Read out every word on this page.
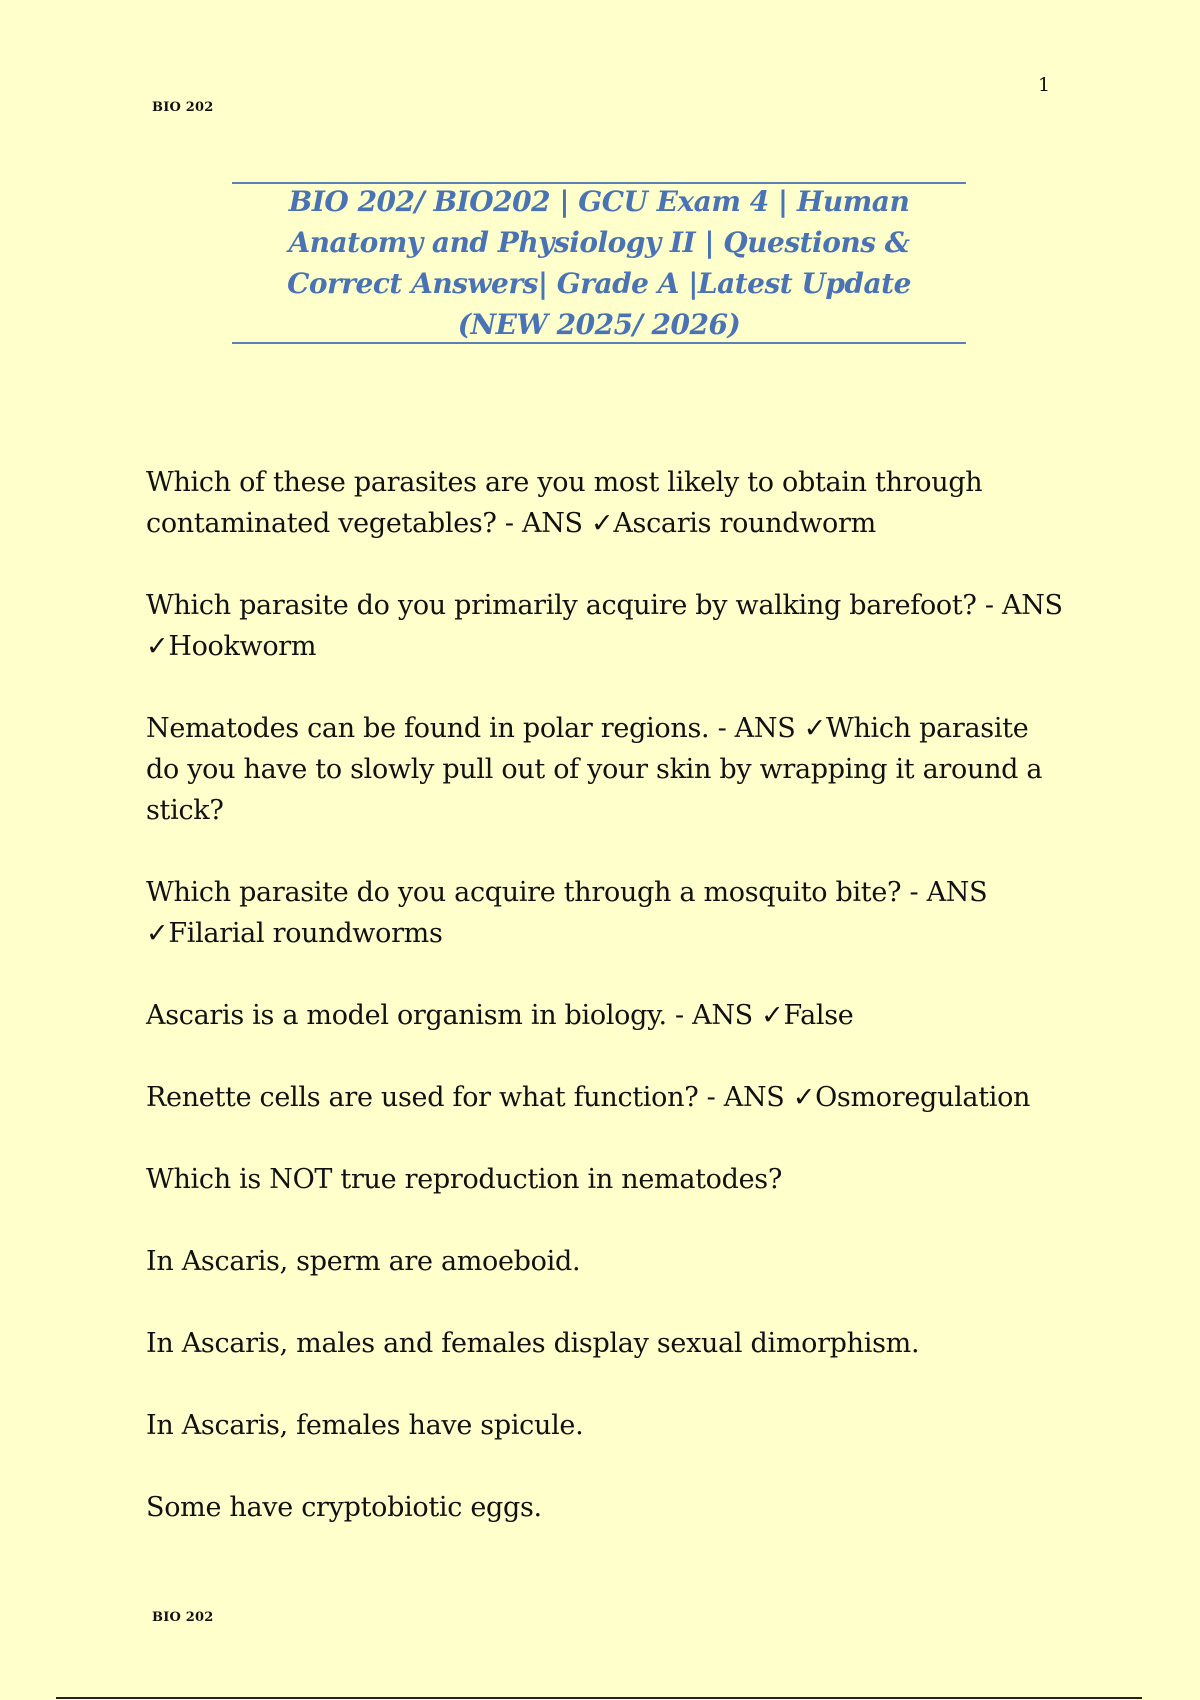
1
BIO 202
BIO 202/ BIO202 | GCU Exam 4 | Human Anatomy and Physiology II | Questions & Correct Answers| Grade A |Latest Update (NEW 2025/ 2026)
Which of these parasites are you most likely to obtain through contaminated vegetables? - ANS ✓Ascaris roundworm
Which parasite do you primarily acquire by walking barefoot? - ANS ✓Hookworm
Nematodes can be found in polar regions. - ANS ✓Which parasite do you have to slowly pull out of your skin by wrapping it around a stick?
Which parasite do you acquire through a mosquito bite? - ANS ✓Filarial roundworms
Ascaris is a model organism in biology. - ANS ✓False
Renette cells are used for what function? - ANS ✓Osmoregulation
Which is NOT true reproduction in nematodes?
In Ascaris, sperm are amoeboid.
In Ascaris, males and females display sexual dimorphism.
In Ascaris, females have spicule.
Some have cryptobiotic eggs.
BIO 202
